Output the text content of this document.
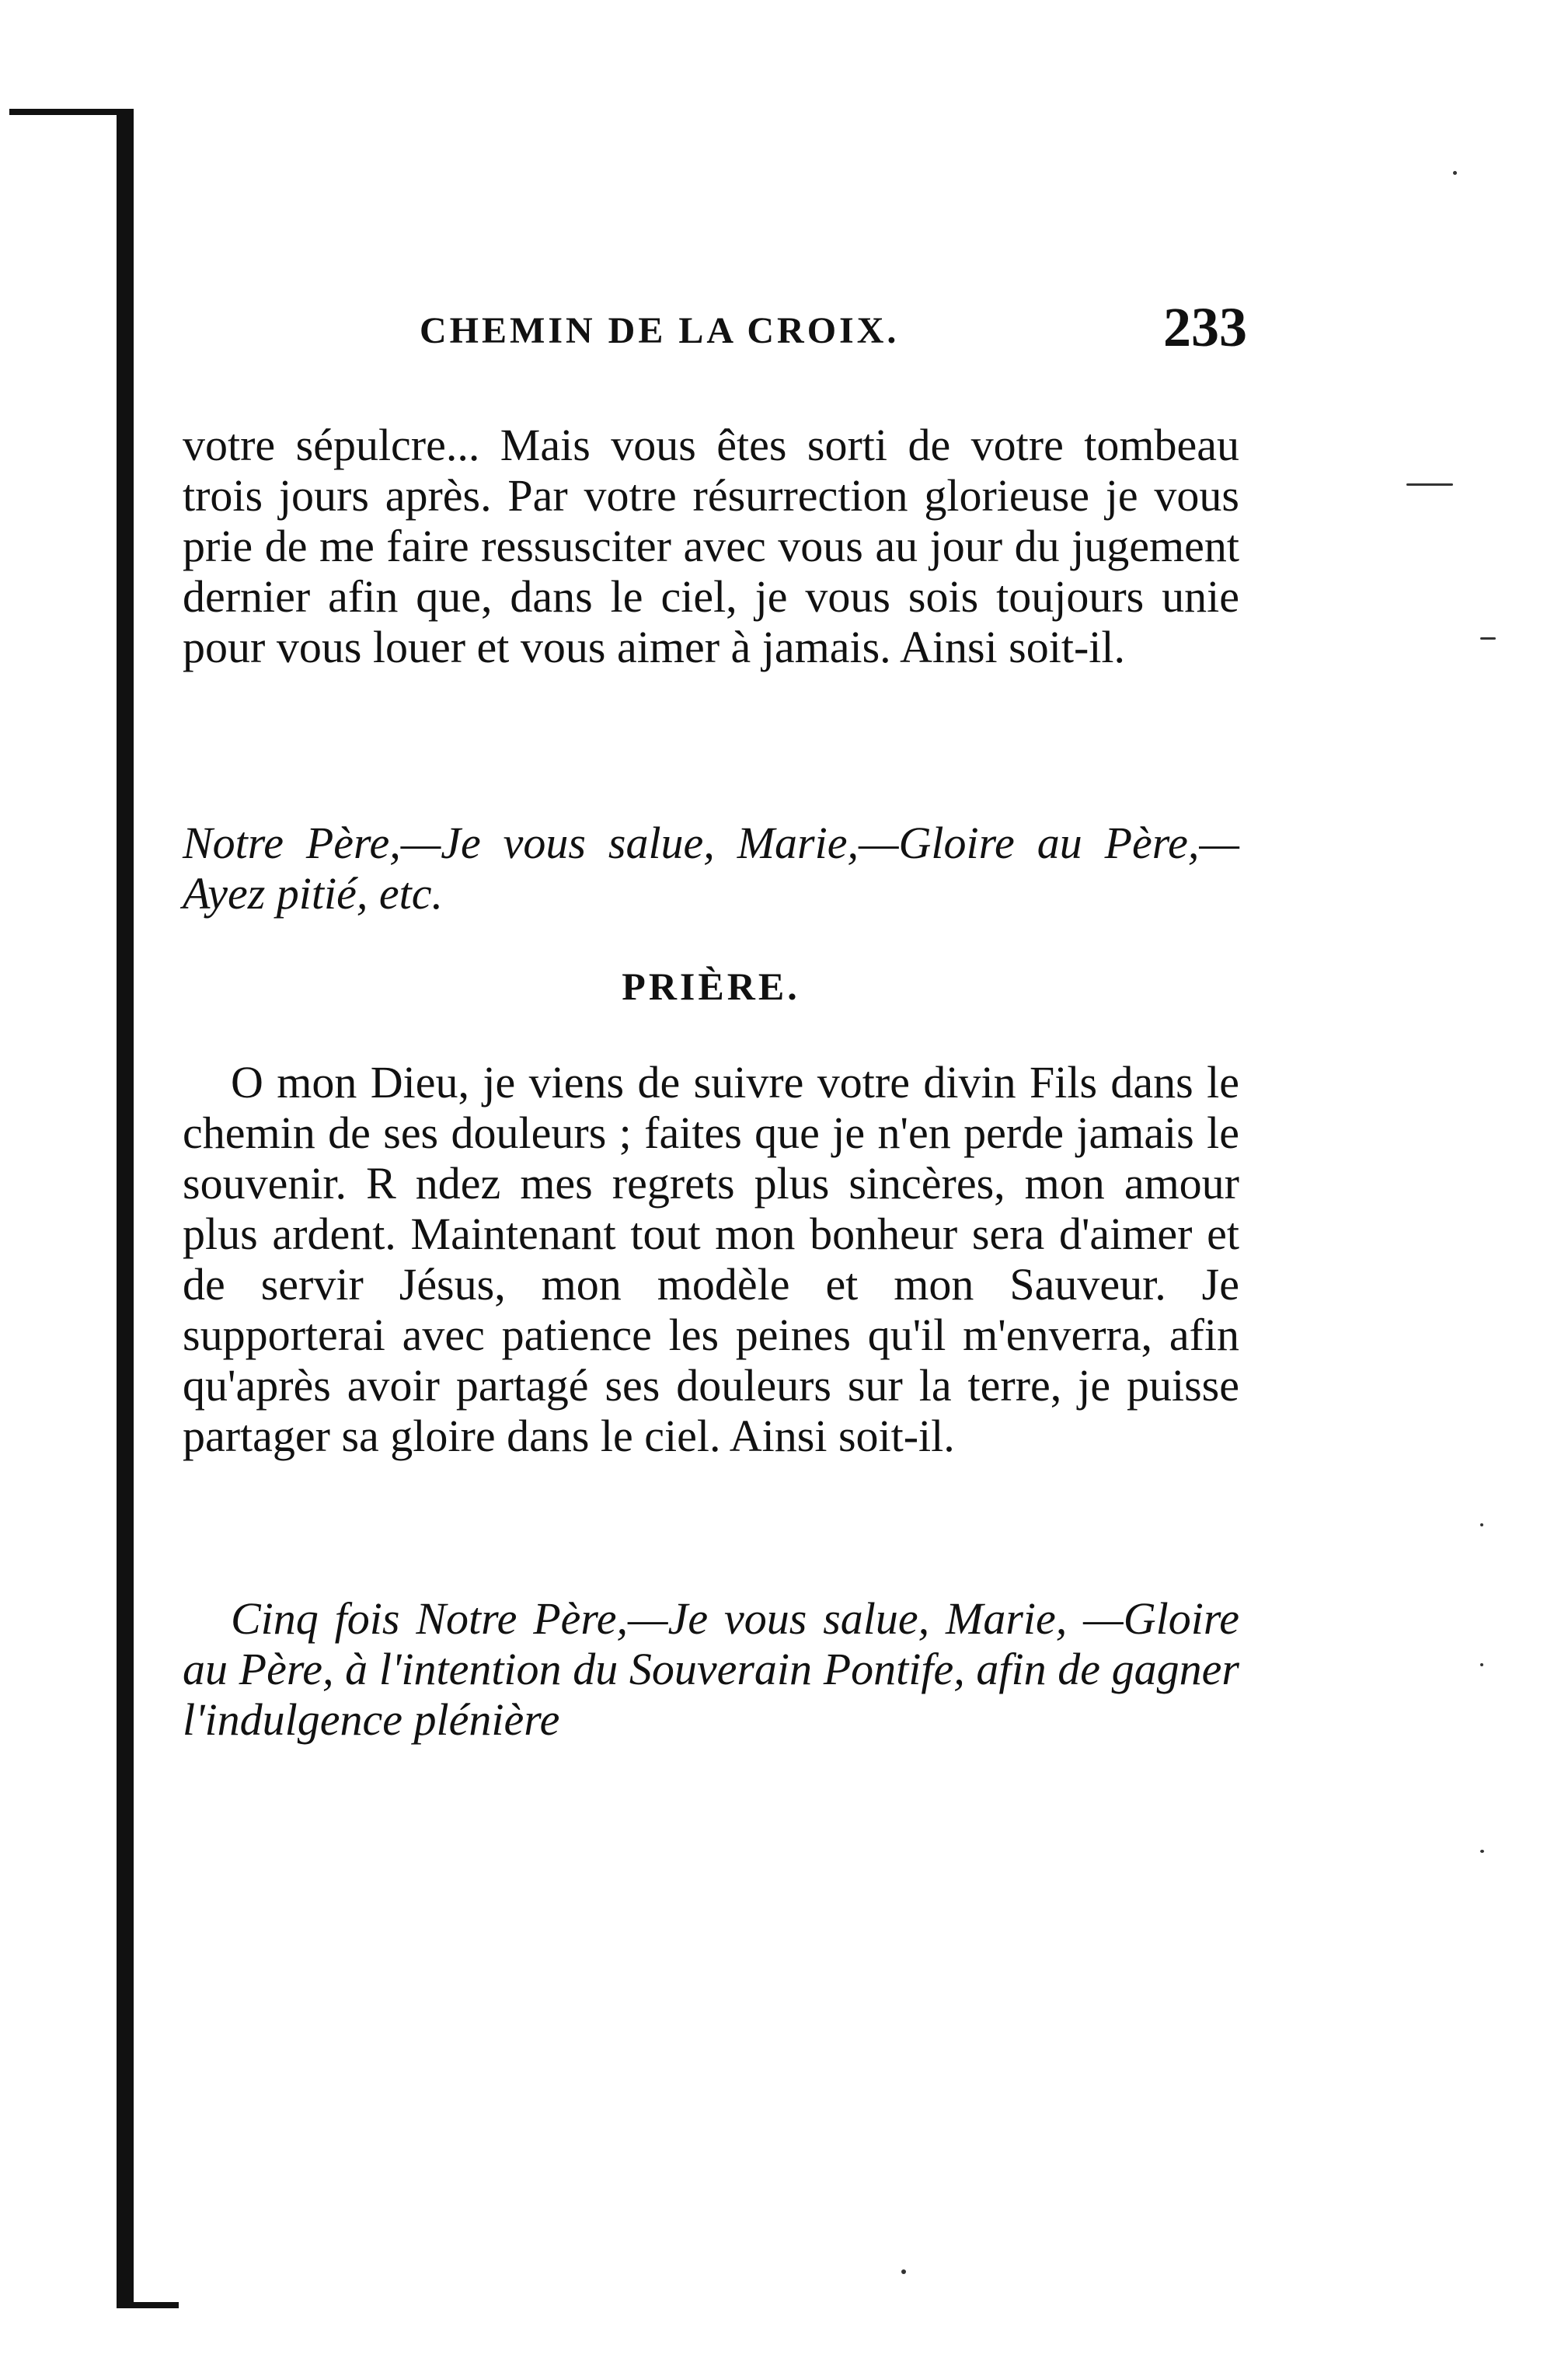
CHEMIN DE LA CROIX.	233
votre sépulcre... Mais vous êtes sorti de votre tombeau trois jours après. Par votre résurrection glorieuse je vous prie de me faire ressusciter avec vous au jour du jugement dernier afin que, dans le ciel, je vous sois toujours unie pour vous louer et vous aimer à jamais. Ainsi soit-il.
Notre Père,—Je vous salue, Marie,—Gloire au Père,—Ayez pitié, etc.
PRIÈRE.
O mon Dieu, je viens de suivre votre divin Fils dans le chemin de ses douleurs ; faites que je n'en perde jamais le souvenir. R ndez mes regrets plus sincères, mon amour plus ardent. Maintenant tout mon bonheur sera d'aimer et de servir Jésus, mon modèle et mon Sauveur. Je supporterai avec patience les peines qu'il m'enverra, afin qu'après avoir partagé ses douleurs sur la terre, je puisse partager sa gloire dans le ciel. Ainsi soit-il.
Cinq fois Notre Père,—Je vous salue, Marie, —Gloire au Père, à l'intention du Souverain Pontife, afin de gagner l'indulgence plénière
